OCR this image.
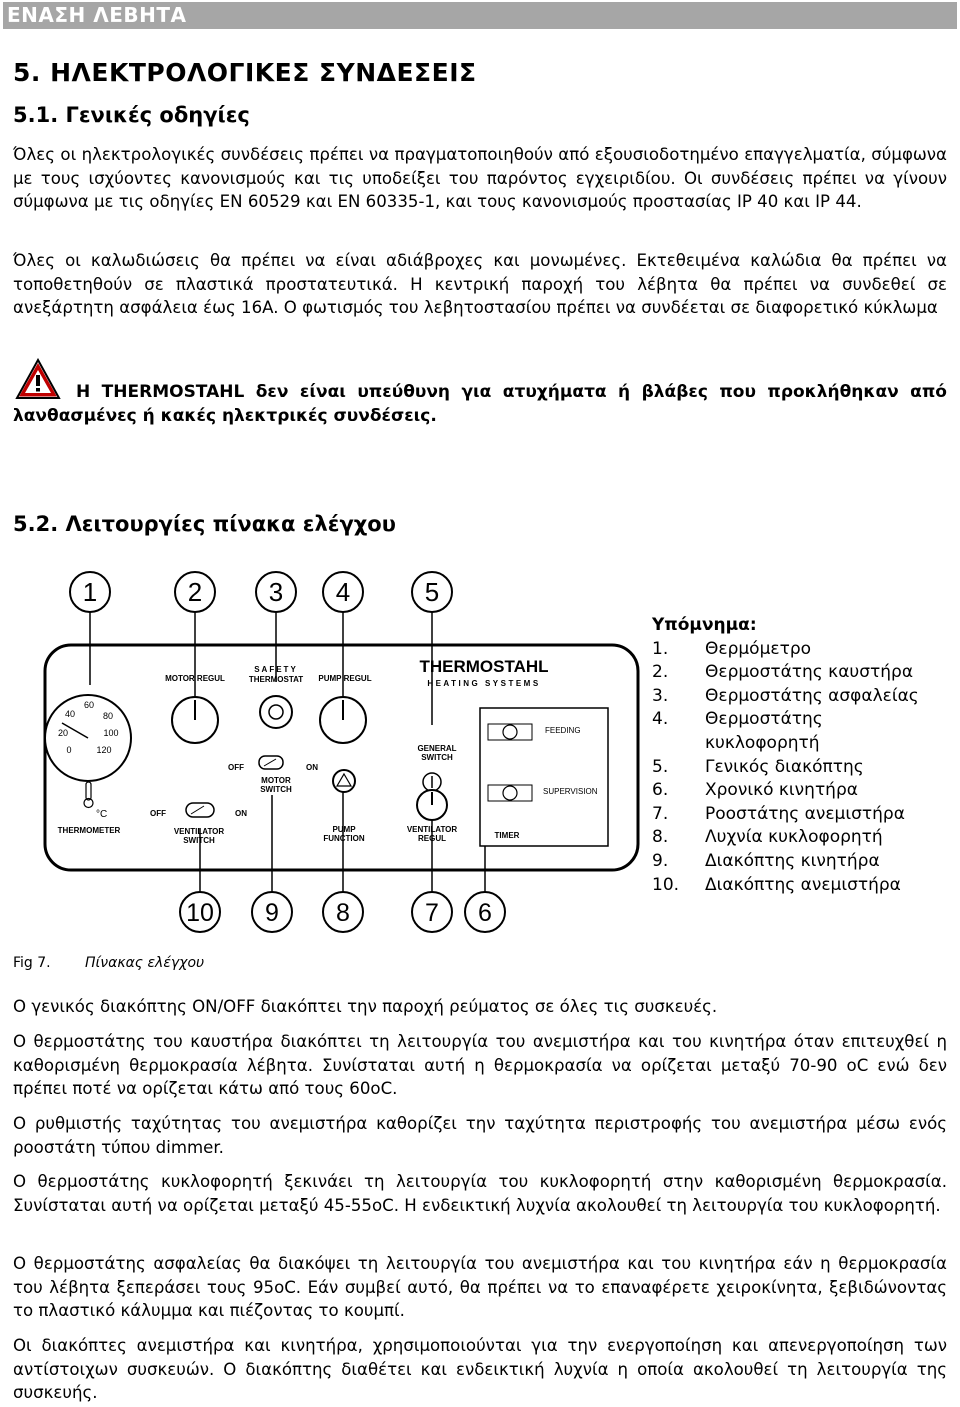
ΕΝΑΣΗ ΛΕΒΗΤΑ
5. ΗΛΕΚΤΡΟΛΟΓΙΚΕΣ ΣΥΝΔΕΣΕΙΣ
5.1. Γενικές οδηγίες
Όλες οι ηλεκτρολογικές συνδέσεις πρέπει να πραγματοποιηθούν από εξουσιοδοτημένο επαγγελματία, σύμφωνα με τους ισχύοντες κανονισμούς και τις υποδείξει του παρόντος εγχειριδίου. Οι συνδέσεις πρέπει να γίνουν σύμφωνα με τις οδηγίες ΕΝ 60529 και ΕΝ 60335-1, και τους κανονισμούς προστασίας IP 40 και IP 44.
Όλες οι καλωδιώσεις θα πρέπει να είναι αδιάβροχες και μονωμένες. Εκτεθειμένα καλώδια θα πρέπει να τοποθετηθούν σε πλαστικά προστατευτικά. Η κεντρική παροχή του λέβητα θα πρέπει να συνδεθεί σε ανεξάρτητη ασφάλεια έως 16A. Ο φωτισμός του λεβητοστασίου πρέπει να συνδέεται σε διαφορετικό κύκλωμα
Η THERMOSTAHL δεν είναι υπεύθυνη για ατυχήματα ή βλάβες που προκλήθηκαν από λανθασμένες ή κακές ηλεκτρικές συνδέσεις.
5.2. Λειτουργίες πίνακα ελέγχου
1	2	3 4	5
10 9 8	7 6
0
20
40
60
80
100
120
°C
THERMOMETER
MOTOR REGUL
SAFETY
THERMOSTAT PUMP REGUL
OFF	ON
MOTOR
SWITCH
OFF	ON
VENTILATOR
SWITCH
PUMP
FUNCTION
THERMOSTAHL
HEATING SYSTEMS
GENERAL
SWITCH
VENTILATOR
REGUL
FEEDING
SUPERVISION
TIMER
Υπόμνημα:
1.	Θερμόμετρο
2.	Θερμοστάτης καυστήρα
3.	Θερμοστάτης ασφαλείας
4.	Θερμοστάτης κυκλοφορητή
5.	Γενικός διακόπτης
6.	Χρονικό κινητήρα
7.	Ροοστάτης ανεμιστήρα
8.	Λυχνία κυκλοφορητή
9.	Διακόπτης κινητήρα
10.	Διακόπτης ανεμιστήρα
Fig 7. Πίνακας ελέγχου
Ο γενικός διακόπτης ON/OFF διακόπτει την παροχή ρεύματος σε όλες τις συσκευές.
Ο θερμοστάτης του καυστήρα διακόπτει τη λειτουργία του ανεμιστήρα και του κινητήρα όταν επιτευχθεί η καθορισμένη θερμοκρασία λέβητα. Συνίσταται αυτή η θερμοκρασία να ορίζεται μεταξύ 70-90 οC ενώ δεν πρέπει ποτέ να ορίζεται κάτω από τους 60οC.
Ο ρυθμιστής ταχύτητας του ανεμιστήρα καθορίζει την ταχύτητα περιστροφής του ανεμιστήρα μέσω ενός ροοστάτη τύπου dimmer.
Ο θερμοστάτης κυκλοφορητή ξεκινάει τη λειτουργία του κυκλοφορητή στην καθορισμένη θερμοκρασία. Συνίσταται αυτή να ορίζεται μεταξύ 45-55οC. Η ενδεικτική λυχνία ακολουθεί τη λειτουργία του κυκλοφορητή.
Ο θερμοστάτης ασφαλείας θα διακόψει τη λειτουργία του ανεμιστήρα και του κινητήρα εάν η θερμοκρασία του λέβητα ξεπεράσει τους 95οC. Εάν συμβεί αυτό, θα πρέπει να το επαναφέρετε χειροκίνητα, ξεβιδώνοντας το πλαστικό κάλυμμα και πιέζοντας το κουμπί.
Οι διακόπτες ανεμιστήρα και κινητήρα, χρησιμοποιούνται για την ενεργοποίηση και απενεργοποίηση των αντίστοιχων συσκευών. Ο διακόπτης διαθέτει και ενδεικτική λυχνία η οποία ακολουθεί τη λειτουργία της συσκευής.
